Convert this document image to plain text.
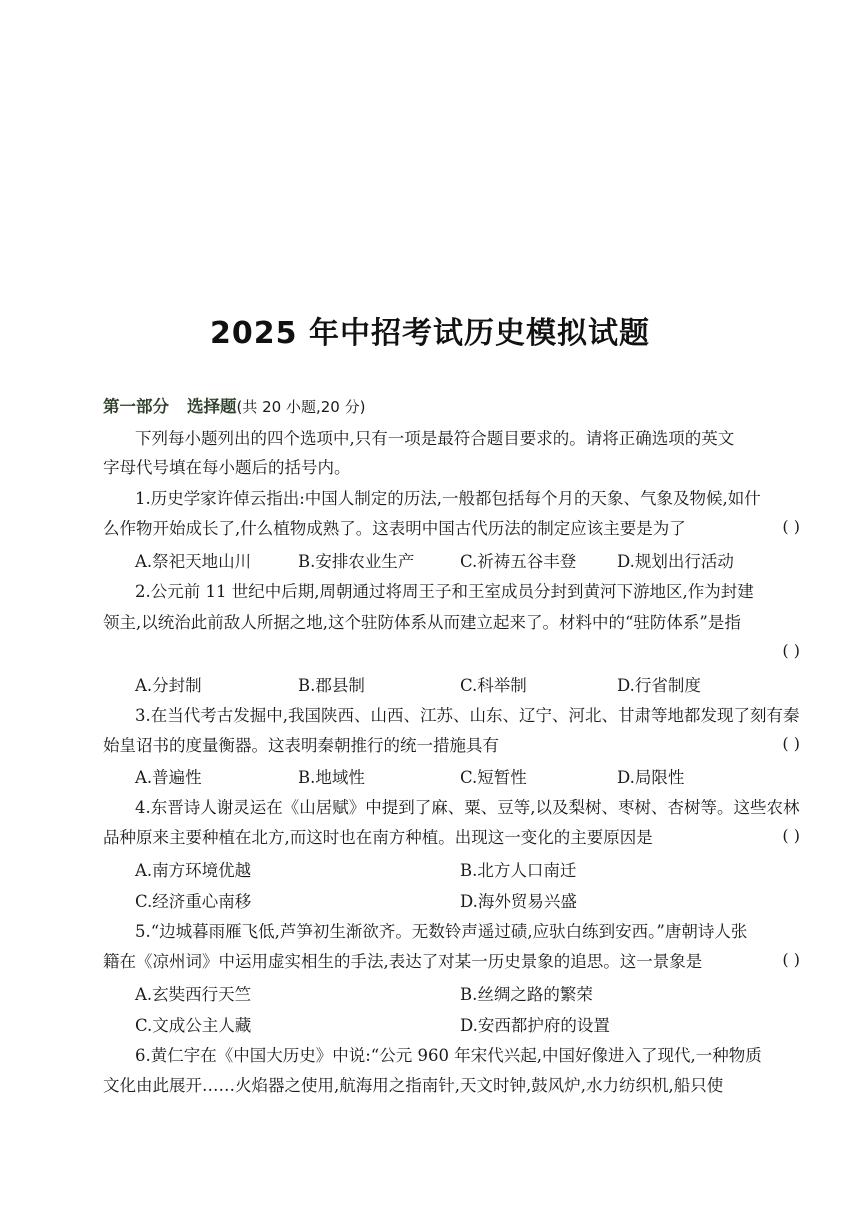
2025 年中招考试历史模拟试题
第一部分 选择题(共 20 小题,20 分)
下列每小题列出的四个选项中,只有一项是最符合题目要求的。请将正确选项的英文
字母代号填在每小题后的括号内。
1.历史学家许倬云指出:中国人制定的历法,一般都包括每个月的天象、气象及物候,如什
么作物开始成长了,什么植物成熟了。这表明中国古代历法的制定应该主要是为了	( )
A.祭祀天地山川	B.安排农业生产	C.祈祷五谷丰登 D.规划出行活动
2.公元前 11 世纪中后期,周朝通过将周王子和王室成员分封到黄河下游地区,作为封建
领主,以统治此前敌人所据之地,这个驻防体系从而建立起来了。材料中的“驻防体系”是指
( )
A.分封制	B.郡县制	C.科举制	D.行省制度
3.在当代考古发掘中,我国陕西、山西、江苏、山东、辽宁、河北、甘肃等地都发现了刻有秦
始皇诏书的度量衡器。这表明秦朝推行的统一措施具有	( )
A.普遍性	B.地域性	C.短暂性	D.局限性
4.东晋诗人谢灵运在《山居赋》中提到了麻、粟、豆等,以及梨树、枣树、杏树等。这些农林
品种原来主要种植在北方,而这时也在南方种植。出现这一变化的主要原因是	( )
A.南方环境优越	B.北方人口南迁
C.经济重心南移	D.海外贸易兴盛
5.“边城暮雨雁飞低,芦笋初生渐欲齐。无数铃声遥过碛,应驮白练到安西。”唐朝诗人张
籍在《凉州词》中运用虚实相生的手法,表达了对某一历史景象的追思。这一景象是	( )
A.玄奘西行天竺	B.丝绸之路的繁荣
C.文成公主人藏	D.安西都护府的设置
6.黄仁宇在《中国大历史》中说:“公元 960 年宋代兴起,中国好像进入了现代,一种物质
文化由此展开……火焰器之使用,航海用之指南针,天文时钟,鼓风炉,水力纺织机,船只使
